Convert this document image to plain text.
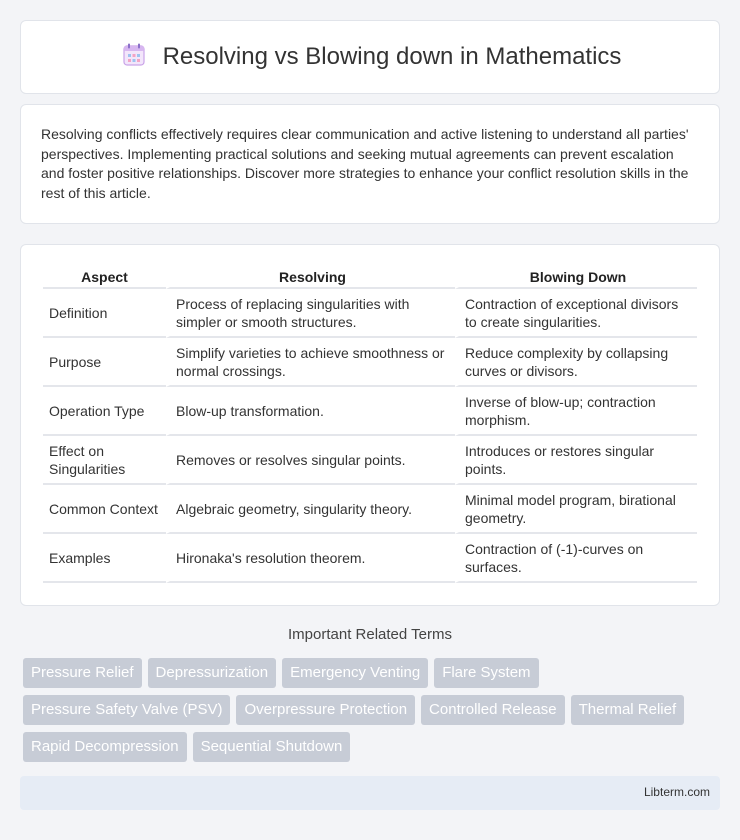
Resolving vs Blowing down in Mathematics

Resolving conflicts effectively requires clear communication and active listening to understand all parties' perspectives. Implementing practical solutions and seeking mutual agreements can prevent escalation and foster positive relationships. Discover more strategies to enhance your conflict resolution skills in the rest of this article.

Aspect	Resolving	Blowing Down
Definition	Process of replacing singularities with simpler or smooth structures.	Contraction of exceptional divisors to create singularities.
Purpose	Simplify varieties to achieve smoothness or normal crossings.	Reduce complexity by collapsing curves or divisors.
Operation Type	Blow-up transformation.	Inverse of blow-up; contraction morphism.
Effect on Singularities	Removes or resolves singular points.	Introduces or restores singular points.
Common Context	Algebraic geometry, singularity theory.	Minimal model program, birational geometry.
Examples	Hironaka's resolution theorem.	Contraction of (-1)-curves on surfaces.
Important Related Terms
Pressure Relief	Depressurization	Emergency Venting	Flare System
Pressure Safety Valve (PSV)	Overpressure Protection	Controlled Release	Thermal Relief
Rapid Decompression	Sequential Shutdown
Libterm.com
